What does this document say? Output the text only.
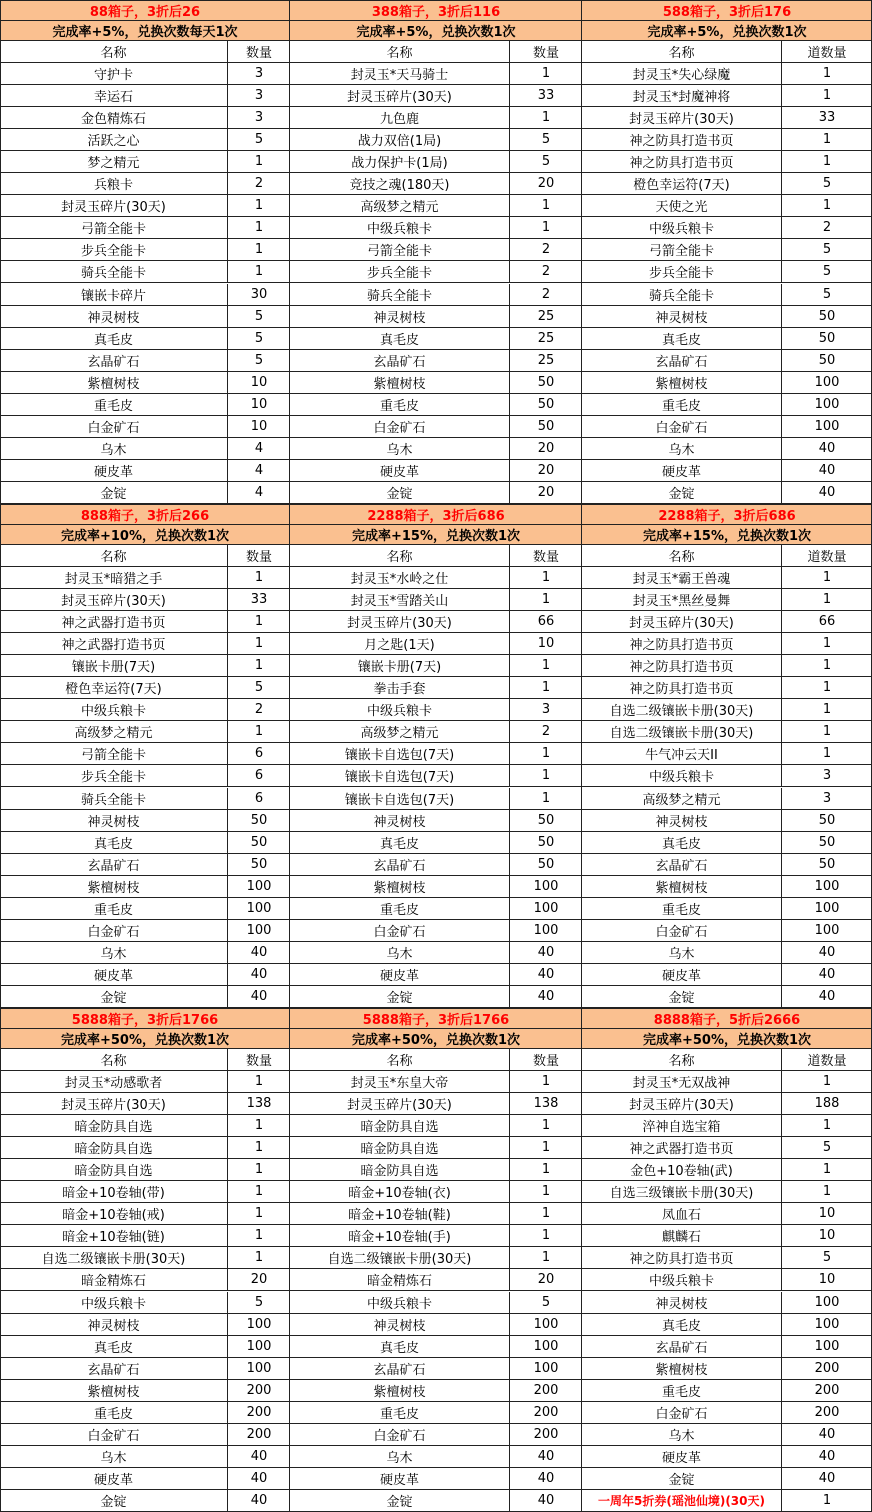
88箱子，3折后26
完成率+5%，兑换次数每天1次
名称	数量
守护卡	3
幸运石	3
金色精炼石	3
活跃之心	5
梦之精元	1
兵粮卡	2
封灵玉碎片(30天)	1
弓箭全能卡	1
步兵全能卡	1
骑兵全能卡	1
镶嵌卡碎片	30
神灵树枝	5
真毛皮	5
玄晶矿石	5
紫檀树枝	10
重毛皮	10
白金矿石	10
乌木	4
硬皮革	4
金锭	4
388箱子，3折后116
完成率+5%，兑换次数1次
名称	数量
封灵玉*天马骑士	1
封灵玉碎片(30天)	33
九色鹿	1
战力双倍(1局)	5
战力保护卡(1局)	5
竞技之魂(180天)	20
高级梦之精元	1
中级兵粮卡	1
弓箭全能卡	2
步兵全能卡	2
骑兵全能卡	2
神灵树枝	25
真毛皮	25
玄晶矿石	25
紫檀树枝	50
重毛皮	50
白金矿石	50
乌木	20
硬皮革	20
金锭	20
588箱子，3折后176
完成率+5%，兑换次数1次
名称	道数量
封灵玉*失心绿魔	1
封灵玉*封魔神将	1
封灵玉碎片(30天)	33
神之防具打造书页	1
神之防具打造书页	1
橙色幸运符(7天)	5
天使之光	1
中级兵粮卡	2
弓箭全能卡	5
步兵全能卡	5
骑兵全能卡	5
神灵树枝	50
真毛皮	50
玄晶矿石	50
紫檀树枝	100
重毛皮	100
白金矿石	100
乌木	40
硬皮革	40
金锭	40
888箱子，3折后266
完成率+10%，兑换次数1次
名称	数量
封灵玉*暗猎之手	1
封灵玉碎片(30天)	33
神之武器打造书页	1
神之武器打造书页	1
镶嵌卡册(7天)	1
橙色幸运符(7天)	5
中级兵粮卡	2
高级梦之精元	1
弓箭全能卡	6
步兵全能卡	6
骑兵全能卡	6
神灵树枝	50
真毛皮	50
玄晶矿石	50
紫檀树枝	100
重毛皮	100
白金矿石	100
乌木	40
硬皮革	40
金锭	40
2288箱子，3折后686
完成率+15%，兑换次数1次
名称	数量
封灵玉*水岭之仕	1
封灵玉*雪踏关山	1
封灵玉碎片(30天)	66
月之匙(1天)	10
镶嵌卡册(7天)	1
拳击手套	1
中级兵粮卡	3
高级梦之精元	2
镶嵌卡自选包(7天)	1
镶嵌卡自选包(7天)	1
镶嵌卡自选包(7天)	1
神灵树枝	50
真毛皮	50
玄晶矿石	50
紫檀树枝	100
重毛皮	100
白金矿石	100
乌木	40
硬皮革	40
金锭	40
2288箱子，3折后686
完成率+15%，兑换次数1次
名称	道数量
封灵玉*霸王兽魂	1
封灵玉*黑丝曼舞	1
封灵玉碎片(30天)	66
神之防具打造书页	1
神之防具打造书页	1
神之防具打造书页	1
自选二级镶嵌卡册(30天)	1
自选二级镶嵌卡册(30天)	1
牛气冲云天II	1
中级兵粮卡	3
高级梦之精元	3
神灵树枝	50
真毛皮	50
玄晶矿石	50
紫檀树枝	100
重毛皮	100
白金矿石	100
乌木	40
硬皮革	40
金锭	40
5888箱子，3折后1766
完成率+50%，兑换次数1次
名称	数量
封灵玉*动感歌者	1
封灵玉碎片(30天)	138
暗金防具自选	1
暗金防具自选	1
暗金防具自选	1
暗金+10卷轴(带)	1
暗金+10卷轴(戒)	1
暗金+10卷轴(链)	1
自选二级镶嵌卡册(30天)	1
暗金精炼石	20
中级兵粮卡	5
神灵树枝	100
真毛皮	100
玄晶矿石	100
紫檀树枝	200
重毛皮	200
白金矿石	200
乌木	40
硬皮革	40
金锭	40
5888箱子，3折后1766
完成率+50%，兑换次数1次
名称	数量
封灵玉*东皇大帝	1
封灵玉碎片(30天)	138
暗金防具自选	1
暗金防具自选	1
暗金防具自选	1
暗金+10卷轴(衣)	1
暗金+10卷轴(鞋)	1
暗金+10卷轴(手)	1
自选二级镶嵌卡册(30天)	1
暗金精炼石	20
中级兵粮卡	5
神灵树枝	100
真毛皮	100
玄晶矿石	100
紫檀树枝	200
重毛皮	200
白金矿石	200
乌木	40
硬皮革	40
金锭	40
8888箱子，5折后2666
完成率+50%，兑换次数1次
名称	道数量
封灵玉*无双战神	1
封灵玉碎片(30天)	188
淬神自选宝箱	1
神之武器打造书页	5
金色+10卷轴(武)	1
自选三级镶嵌卡册(30天)	1
凤血石	10
麒麟石	10
神之防具打造书页	5
中级兵粮卡	10
神灵树枝	100
真毛皮	100
玄晶矿石	100
紫檀树枝	200
重毛皮	200
白金矿石	200
乌木	40
硬皮革	40
金锭	40
一周年5折券(瑶池仙境)(30天)	1
